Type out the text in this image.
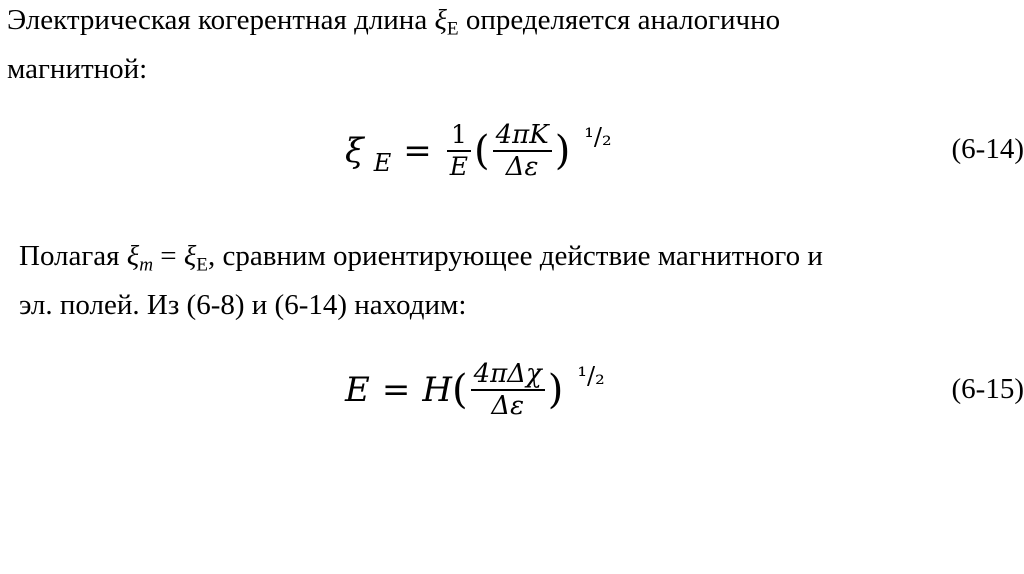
Электрическая когерентная длина $\xi_E$ определяется аналогично
магнитной:

ξ $E = \frac{1}{E}$ ( $\frac{4\pi K}{\Delta\varepsilon}$ ) ¹/₂	(6-14)

Полагая $\xi_m = \xi_E$, сравним ориентирующее действие магнитного и
эл. полей. Из (6-8) и (6-14) находим:

E = H ( $\frac{\text{4πΔχ}}{\Delta\varepsilon}$ ) ¹/₂	(6-15)
